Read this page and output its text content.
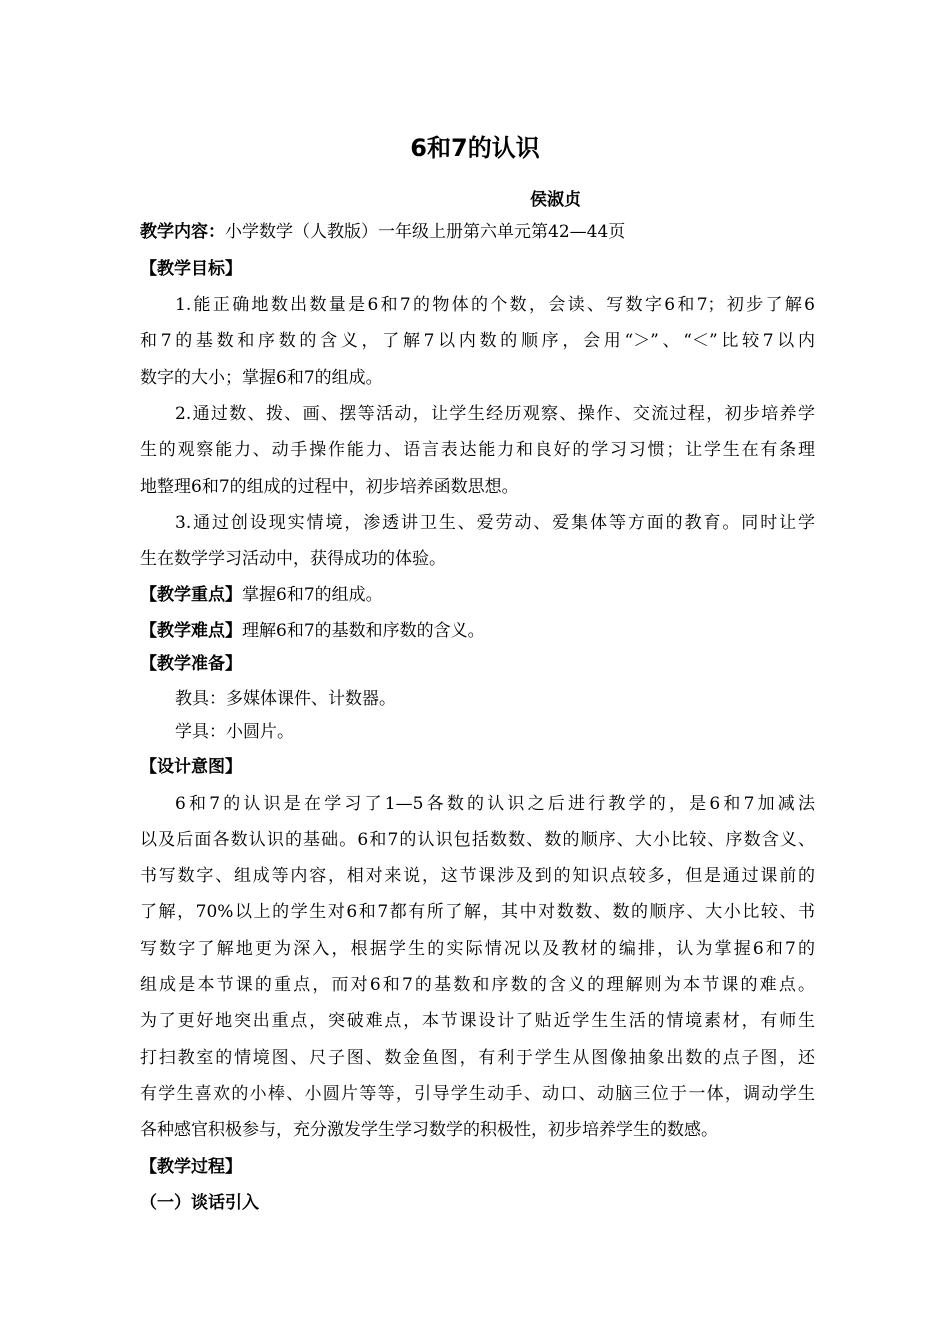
6和7的认识
侯淑贞
教学内容：小学数学（人教版）一年级上册第六单元第42—44页
【教学目标】
1.能正确地数出数量是6和7的物体的个数，会读、写数字6和7；初步了解6
和7的基数和序数的含义，了解7以内数的顺序，会用“＞”、“＜”比较7以内
数字的大小；掌握6和7的组成。
2.通过数、拨、画、摆等活动，让学生经历观察、操作、交流过程，初步培养学
生的观察能力、动手操作能力、语言表达能力和良好的学习习惯；让学生在有条理
地整理6和7的组成的过程中，初步培养函数思想。
3.通过创设现实情境，渗透讲卫生、爱劳动、爱集体等方面的教育。同时让学
生在数学学习活动中，获得成功的体验。
【教学重点】掌握6和7的组成。
【教学难点】理解6和7的基数和序数的含义。
【教学准备】
教具：多媒体课件、计数器。
学具：小圆片。
【设计意图】
6和7的认识是在学习了1—5各数的认识之后进行教学的，是6和7加减法
以及后面各数认识的基础。6和7的认识包括数数、数的顺序、大小比较、序数含义、
书写数字、组成等内容，相对来说，这节课涉及到的知识点较多，但是通过课前的
了解，70%以上的学生对6和7都有所了解，其中对数数、数的顺序、大小比较、书
写数字了解地更为深入，根据学生的实际情况以及教材的编排，认为掌握6和7的
组成是本节课的重点，而对6和7的基数和序数的含义的理解则为本节课的难点。
为了更好地突出重点，突破难点，本节课设计了贴近学生生活的情境素材，有师生
打扫教室的情境图、尺子图、数金鱼图，有利于学生从图像抽象出数的点子图，还
有学生喜欢的小棒、小圆片等等，引导学生动手、动口、动脑三位于一体，调动学生
各种感官积极参与，充分激发学生学习数学的积极性，初步培养学生的数感。
【教学过程】
（一）谈话引入
